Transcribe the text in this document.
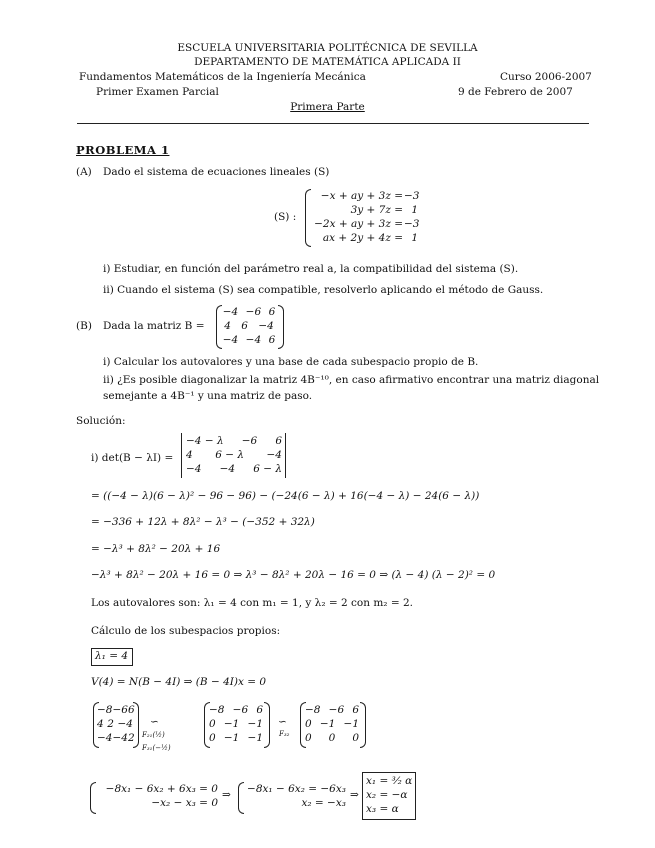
ESCUELA UNIVERSITARIA POLITÉCNICA DE SEVILLA
DEPARTAMENTO DE MATEMÁTICA APLICADA II
Fundamentos Matemáticos de la Ingeniería Mecánica	Curso 2006-2007
Primer Examen Parcial	9 de Febrero de 2007
Primera Parte
PROBLEMA 1
(A) Dado el sistema de ecuaciones lineales (S)
(S) :
−x + ay + 3z =
3y + 7z =
−2x + ay + 3z =
ax + 2y + 4z =
−3
1
−3
1
i) Estudiar, en función del parámetro real a, la compatibilidad del sistema (S).
ii) Cuando el sistema (S) sea compatible, resolverlo aplicando el método de Gauss.
(B) Dada la matriz B =
−4 −6 6
4 6 −4
−4 −4 6
i) Calcular los autovalores y una base de cada subespacio propio de B.
ii) ¿Es posible diagonalizar la matriz 4B⁻¹⁰, en caso afirmativo encontrar una matriz diagonal
semejante a 4B⁻¹ y una matriz de paso.
Solución:
i) det(B − λI) =
−4 − λ −6 6
4 6 − λ −4
−4 −4 6 − λ
= ((−4 − λ)(6 − λ)² − 96 − 96) − (−24(6 − λ) + 16(−4 − λ) − 24(6 − λ))
= −336 + 12λ + 8λ² − λ³ − (−352 + 32λ)
= −λ³ + 8λ² − 20λ + 16
−λ³ + 8λ² − 20λ + 16 = 0 ⇒ λ³ − 8λ² + 20λ − 16 = 0 ⇒ (λ − 4) (λ − 2)² = 0
Los autovalores son: λ₁ = 4 con m₁ = 1, y λ₂ = 2 con m₂ = 2.
Cálculo de los subespacios propios:
λ₁ = 4
V(4) = N(B − 4I) ⇒ (B − 4I)x = 0
−8 −6 6
4 2 −4
−4 −4 2
∽
F₂₁(½)
F₃₁(−½)
−8 −6 6
0 −1 −1
0 −1 −1
∽
F₃₂
−8 −6 6
0 −1 −1
0 0 0
−8x₁ − 6x₂ + 6x₃ = 0
−x₂ − x₃ = 0
⇒ −8x₁ − 6x₂ = −6x₃
x₂ = −x₃
⇒
x₁ = ³⁄₂ α
x₂ = −α
x₃ = α
